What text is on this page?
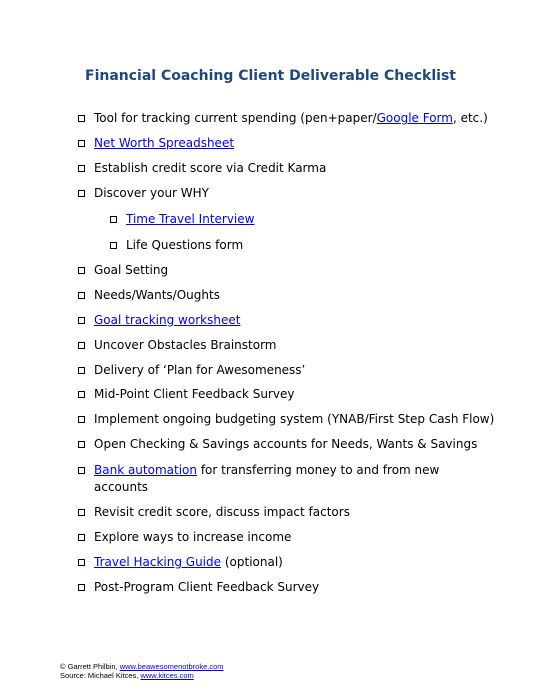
Financial Coaching Client Deliverable Checklist
Tool for tracking current spending (pen+paper/Google Form, etc.)
Net Worth Spreadsheet
Establish credit score via Credit Karma
Discover your WHY
Time Travel Interview
Life Questions form
Goal Setting
Needs/Wants/Oughts
Goal tracking worksheet
Uncover Obstacles Brainstorm
Delivery of ‘Plan for Awesomeness’
Mid-Point Client Feedback Survey
Implement ongoing budgeting system (YNAB/First Step Cash Flow)
Open Checking & Savings accounts for Needs, Wants & Savings
Bank automation for transferring money to and from new accounts
Revisit credit score, discuss impact factors
Explore ways to increase income
Travel Hacking Guide (optional)
Post-Program Client Feedback Survey
© Garrett Philbin, www.beawesomenotbroke.com
Source: Michael Kitces, www.kitces.com
